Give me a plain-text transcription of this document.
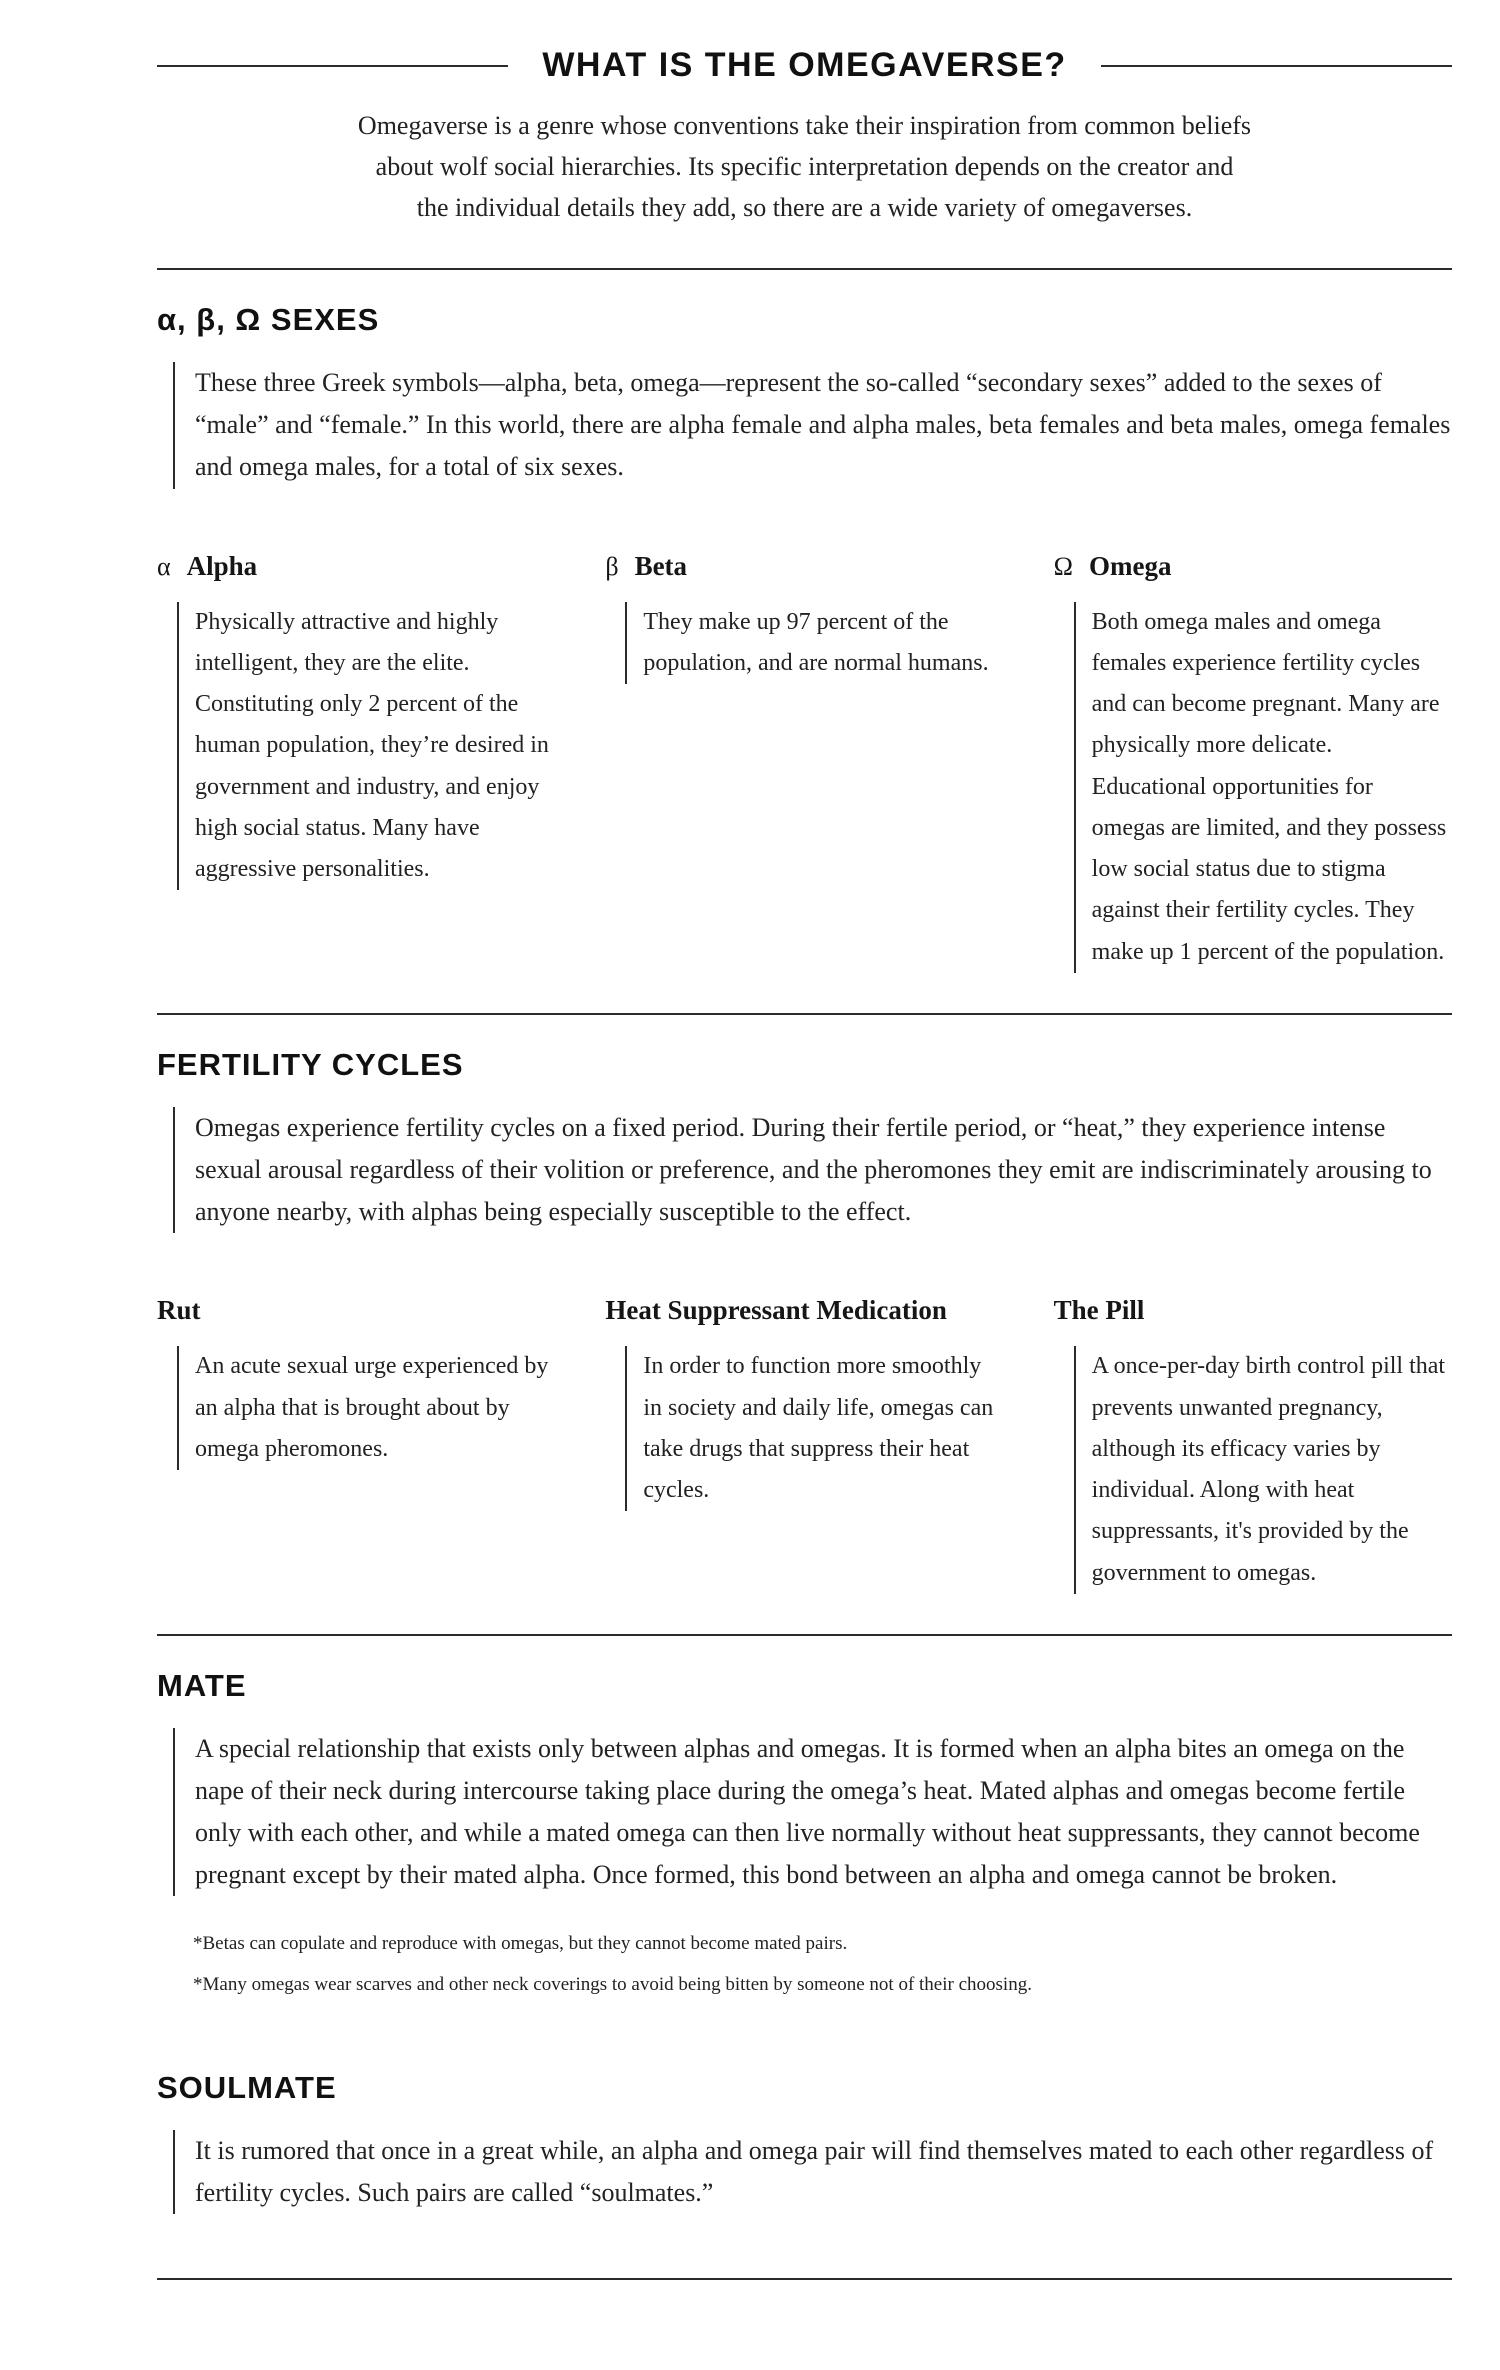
WHAT IS THE OMEGAVERSE?

Omegaverse is a genre whose conventions take their inspiration from common beliefs
about wolf social hierarchies. Its specific interpretation depends on the creator and
the individual details they add, so there are a wide variety of omegaverses.

α, β, Ω SEXES

These three Greek symbols—alpha, beta, omega—represent the so-called “secondary sexes” added to the sexes of “male” and “female.” In this world, there are alpha female and alpha males, beta females and beta males, omega females and omega males, for a total of six sexes.

α Alpha

Physically attractive and highly intelligent, they are the elite. Constituting only 2 percent of the human population, they’re desired in government and industry, and enjoy high social status. Many have aggressive personalities.

β Beta

They make up 97 percent of the population, and are normal humans.

Ω Omega

Both omega males and omega females experience fertility cycles and can become pregnant. Many are physically more delicate. Educational opportunities for omegas are limited, and they possess low social status due to stigma against their fertility cycles. They make up 1 percent of the population.

FERTILITY CYCLES

Omegas experience fertility cycles on a fixed period. During their fertile period, or “heat,” they experience intense sexual arousal regardless of their volition or preference, and the pheromones they emit are indiscriminately arousing to anyone nearby, with alphas being especially susceptible to the effect.

Rut

An acute sexual urge experienced by an alpha that is brought about by omega pheromones.

Heat Suppressant Medication

In order to function more smoothly in society and daily life, omegas can take drugs that suppress their heat cycles.

The Pill

A once-per-day birth control pill that prevents unwanted pregnancy, although its efficacy varies by individual. Along with heat suppressants, it's provided by the government to omegas.

MATE

A special relationship that exists only between alphas and omegas. It is formed when an alpha bites an omega on the nape of their neck during intercourse taking place during the omega’s heat. Mated alphas and omegas become fertile only with each other, and while a mated omega can then live normally without heat suppressants, they cannot become pregnant except by their mated alpha. Once formed, this bond between an alpha and omega cannot be broken.

*Betas can copulate and reproduce with omegas, but they cannot become mated pairs.

*Many omegas wear scarves and other neck coverings to avoid being bitten by someone not of their choosing.

SOULMATE

It is rumored that once in a great while, an alpha and omega pair will find themselves mated to each other regardless of fertility cycles. Such pairs are called “soulmates.”
